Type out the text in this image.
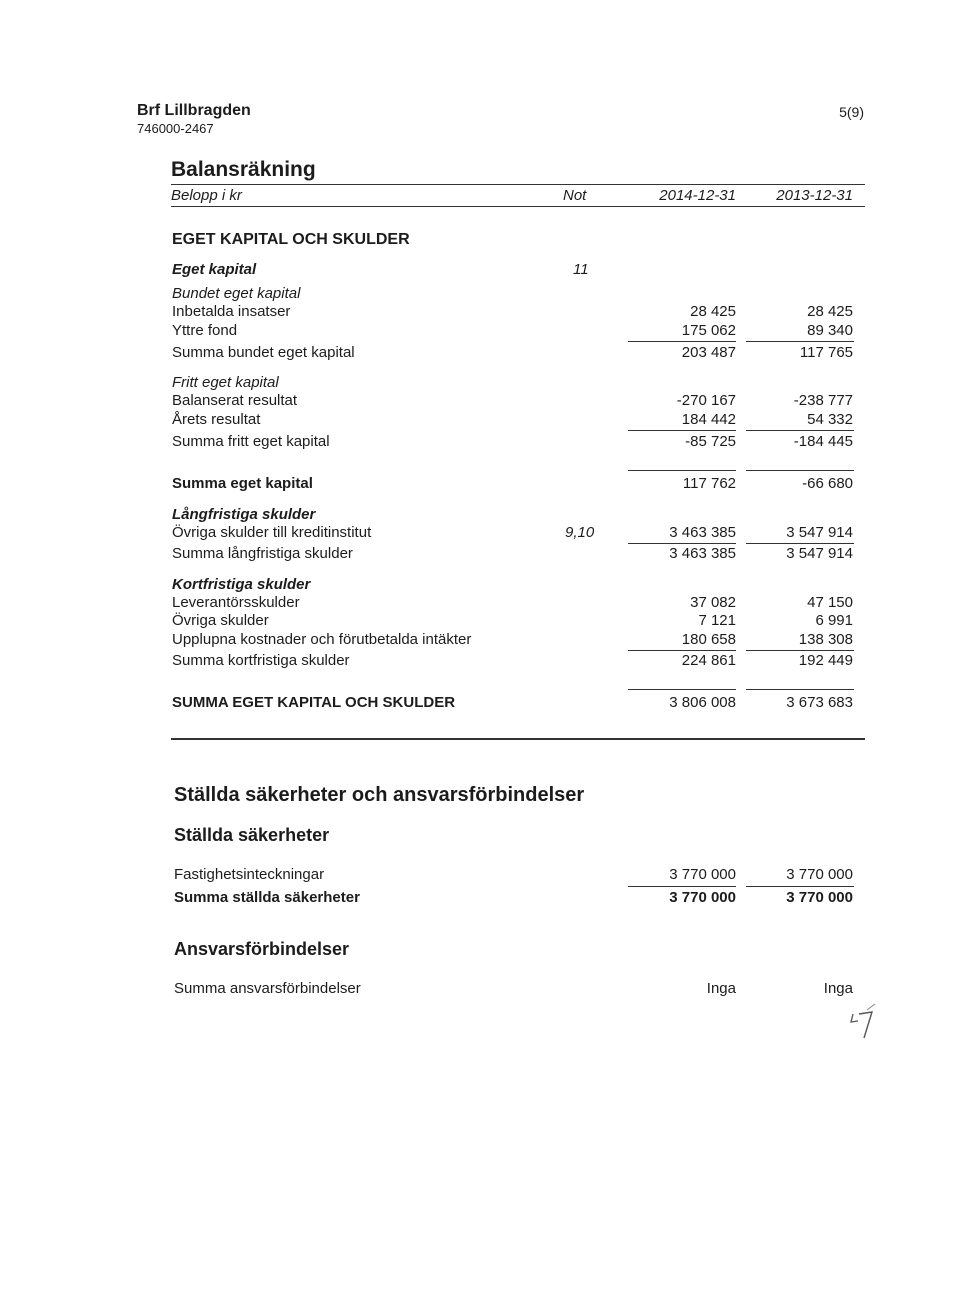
Brf Lillbragden
746000-2467
5(9)
Balansräkning
Belopp i kr	Not	2014-12-31	2013-12-31
EGET KAPITAL OCH SKULDER
Eget kapital	11
Bundet eget kapital
Inbetalda insatser	28 425	28 425
Yttre fond	175 062	89 340
Summa bundet eget kapital	203 487	117 765
Fritt eget kapital
Balanserat resultat	-270 167	-238 777
Årets resultat	184 442	54 332
Summa fritt eget kapital	-85 725	-184 445
Summa eget kapital	117 762	-66 680
Långfristiga skulder
Övriga skulder till kreditinstitut	9,10	3 463 385	3 547 914
Summa långfristiga skulder	3 463 385	3 547 914
Kortfristiga skulder
Leverantörsskulder	37 082	47 150
Övriga skulder	7 121	6 991
Upplupna kostnader och förutbetalda intäkter	180 658	138 308
Summa kortfristiga skulder	224 861	192 449
SUMMA EGET KAPITAL OCH SKULDER	3 806 008	3 673 683
Ställda säkerheter och ansvarsförbindelser
Ställda säkerheter
Fastighetsinteckningar	3 770 000	3 770 000
Summa ställda säkerheter	3 770 000	3 770 000
Ansvarsförbindelser
Summa ansvarsförbindelser	Inga	Inga
